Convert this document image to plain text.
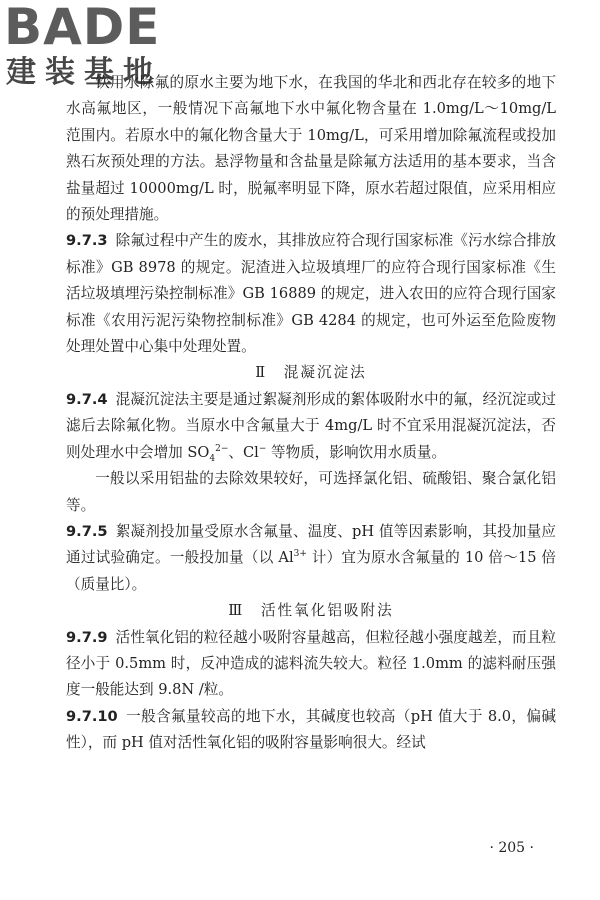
BADE
建装基地

饮用水除氟的原水主要为地下水，在我国的华北和西北存在较多的地下水高氟地区，一般情况下高氟地下水中氟化物含量在 1.0mg/L～10mg/L 范围内。若原水中的氟化物含量大于 10mg/L，可采用增加除氟流程或投加熟石灰预处理的方法。悬浮物量和含盐量是除氟方法适用的基本要求，当含盐量超过 10000mg/L 时，脱氟率明显下降，原水若超过限值，应采用相应的预处理措施。

9.7.3 除氟过程中产生的废水，其排放应符合现行国家标准《污水综合排放标准》GB 8978 的规定。泥渣进入垃圾填埋厂的应符合现行国家标准《生活垃圾填埋污染控制标准》GB 16889 的规定，进入农田的应符合现行国家标准《农用污泥污染物控制标准》GB 4284 的规定，也可外运至危险废物处理处置中心集中处理处置。

Ⅱ　混凝沉淀法

9.7.4 混凝沉淀法主要是通过絮凝剂形成的絮体吸附水中的氟，经沉淀或过滤后去除氟化物。当原水中含氟量大于 4mg/L 时不宜采用混凝沉淀法，否则处理水中会增加 $SO_4^{2-}$、Cl− 等物质，影响饮用水质量。

一般以采用铝盐的去除效果较好，可选择氯化铝、硫酸铝、聚合氯化铝等。

9.7.5 絮凝剂投加量受原水含氟量、温度、pH 值等因素影响，其投加量应通过试验确定。一般投加量（以 $Al^{3+}$ 计）宜为原水含氟量的 10 倍～15 倍（质量比）。

Ⅲ　活性氧化铝吸附法

9.7.9 活性氧化铝的粒径越小吸附容量越高，但粒径越小强度越差，而且粒径小于 0.5mm 时，反冲造成的滤料流失较大。粒径 1.0mm 的滤料耐压强度一般能达到 9.8N /粒。

9.7.10 一般含氟量较高的地下水，其碱度也较高（pH 值大于 8.0，偏碱性），而 pH 值对活性氧化铝的吸附容量影响很大。经试

· 205 ·
